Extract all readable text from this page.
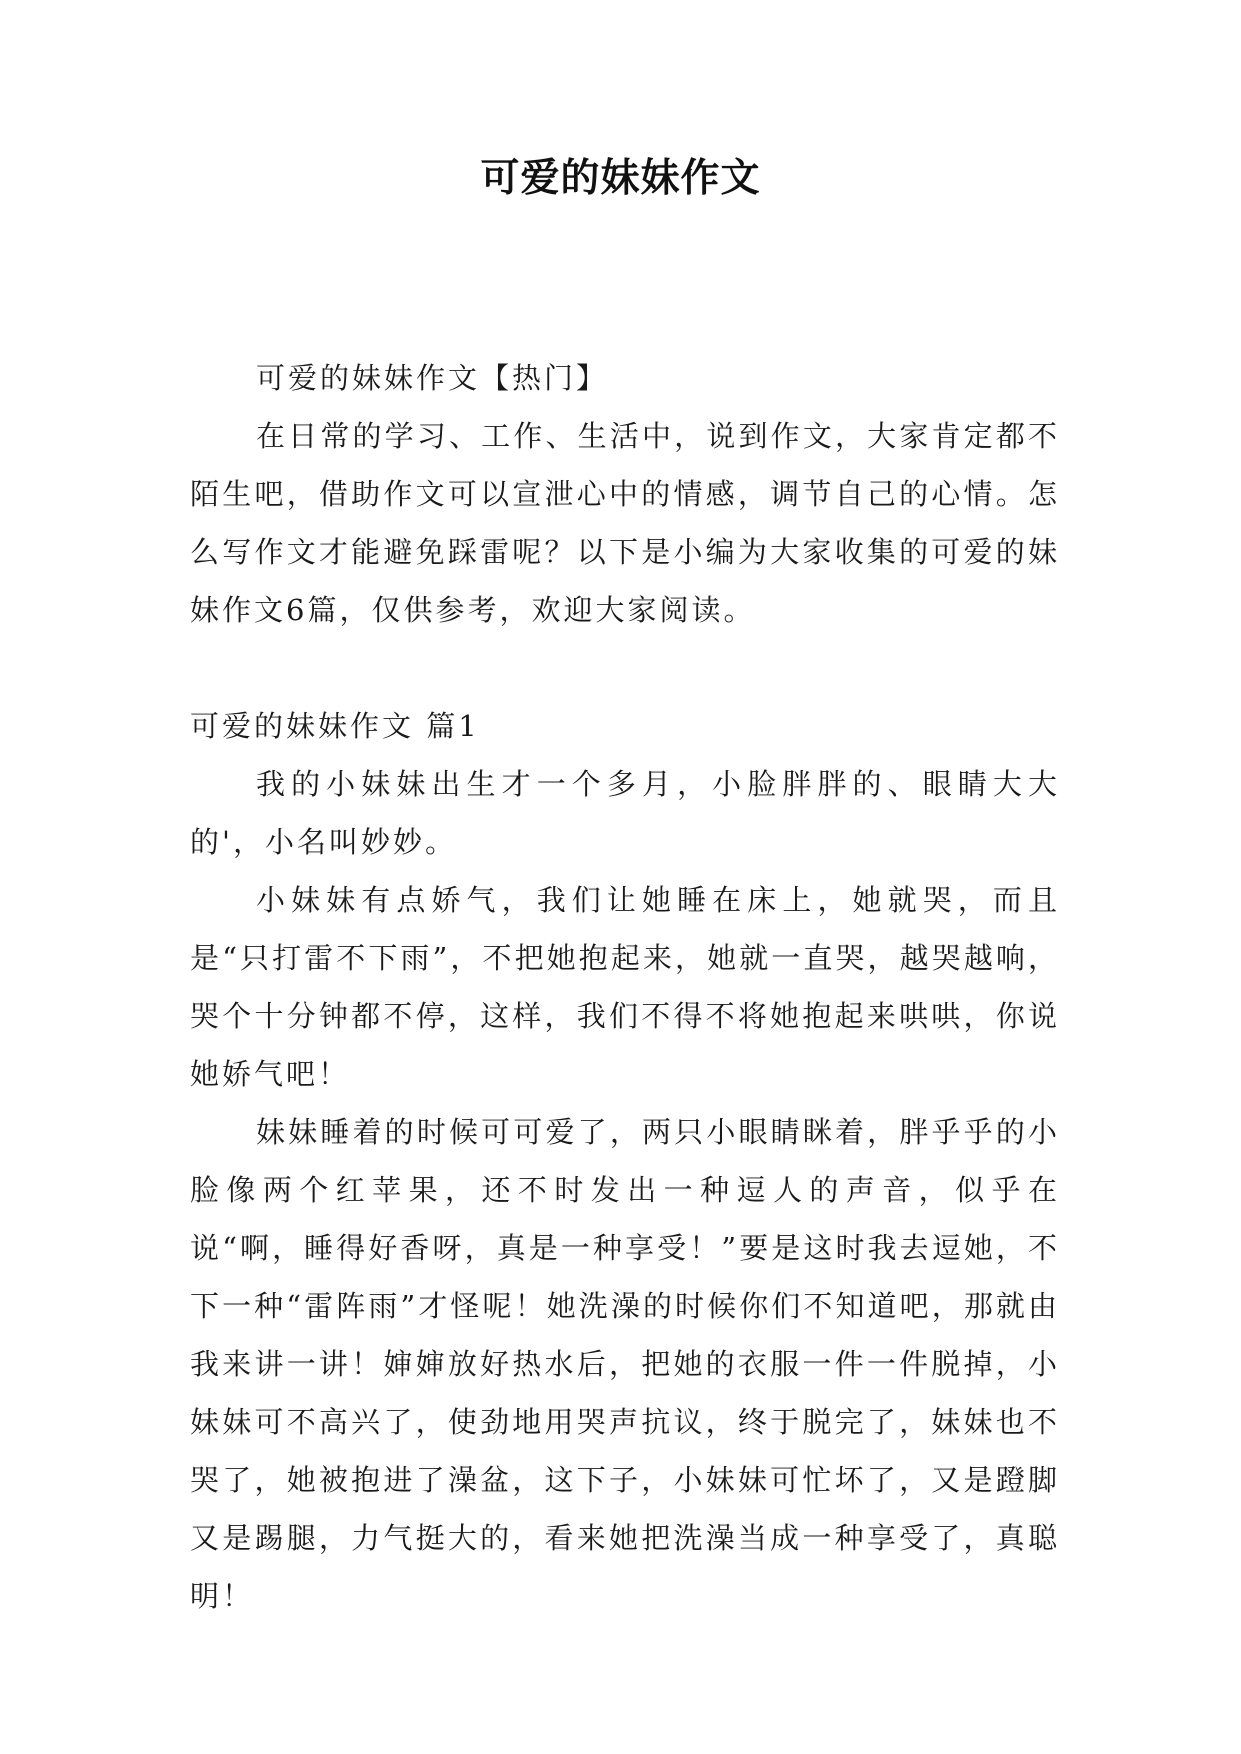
可爱的妹妹作文

可爱的妹妹作文【热门】

在日常的学习、工作、生活中，说到作文，大家肯定都不陌生吧，借助作文可以宣泄心中的情感，调节自己的心情。怎么写作文才能避免踩雷呢？以下是小编为大家收集的可爱的妹妹作文6篇，仅供参考，欢迎大家阅读。

可爱的妹妹作文 篇1

我的小妹妹出生才一个多月，小脸胖胖的、眼睛大大的'，小名叫妙妙。

小妹妹有点娇气，我们让她睡在床上，她就哭，而且是“只打雷不下雨”，不把她抱起来，她就一直哭，越哭越响，哭个十分钟都不停，这样，我们不得不将她抱起来哄哄，你说她娇气吧！

妹妹睡着的时候可可爱了，两只小眼睛眯着，胖乎乎的小脸像两个红苹果，还不时发出一种逗人的声音，似乎在说“啊，睡得好香呀，真是一种享受！”要是这时我去逗她，不下一种“雷阵雨”才怪呢！她洗澡的时候你们不知道吧，那就由我来讲一讲！婶婶放好热水后，把她的衣服一件一件脱掉，小妹妹可不高兴了，使劲地用哭声抗议，终于脱完了，妹妹也不哭了，她被抱进了澡盆，这下子，小妹妹可忙坏了，又是蹬脚又是踢腿，力气挺大的，看来她把洗澡当成一种享受了，真聪明！
